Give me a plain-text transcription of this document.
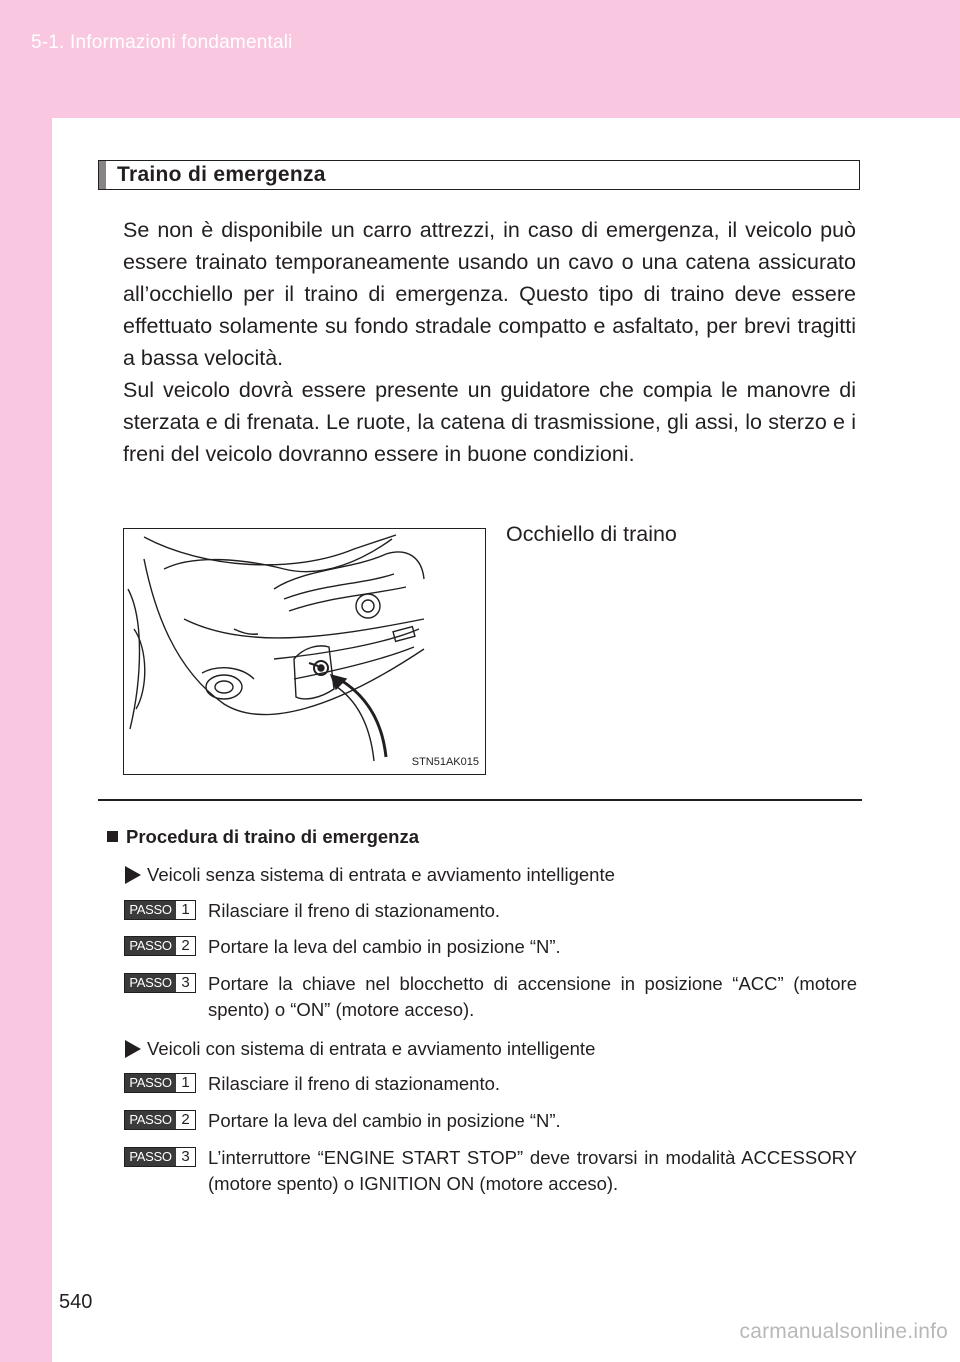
5-1. Informazioni fondamentali
Traino di emergenza
Se non è disponibile un carro attrezzi, in caso di emergenza, il veicolo può essere trainato temporaneamente usando un cavo o una catena assicurato all’occhiello per il traino di emergenza. Questo tipo di traino deve essere effettuato solamente su fondo stradale compatto e asfaltato, per brevi tragitti a bassa velocità.
Sul veicolo dovrà essere presente un guidatore che compia le manovre di sterzata e di frenata. Le ruote, la catena di trasmissione, gli assi, lo sterzo e i freni del veicolo dovranno essere in buone condizioni.
STN51AK015
Occhiello di traino
Procedura di traino di emergenza
Veicoli senza sistema di entrata e avviamento intelligente
PASSO 1 Rilasciare il freno di stazionamento.
PASSO 2 Portare la leva del cambio in posizione “N”.
PASSO 3 Portare la chiave nel blocchetto di accensione in posizione “ACC” (motore spento) o “ON” (motore acceso).
Veicoli con sistema di entrata e avviamento intelligente
PASSO 1 Rilasciare il freno di stazionamento.
PASSO 2 Portare la leva del cambio in posizione “N”.
PASSO 3 L’interruttore “ENGINE START STOP” deve trovarsi in modalità ACCESSORY (motore spento) o IGNITION ON (motore acceso).
540
carmanualsonline.info
